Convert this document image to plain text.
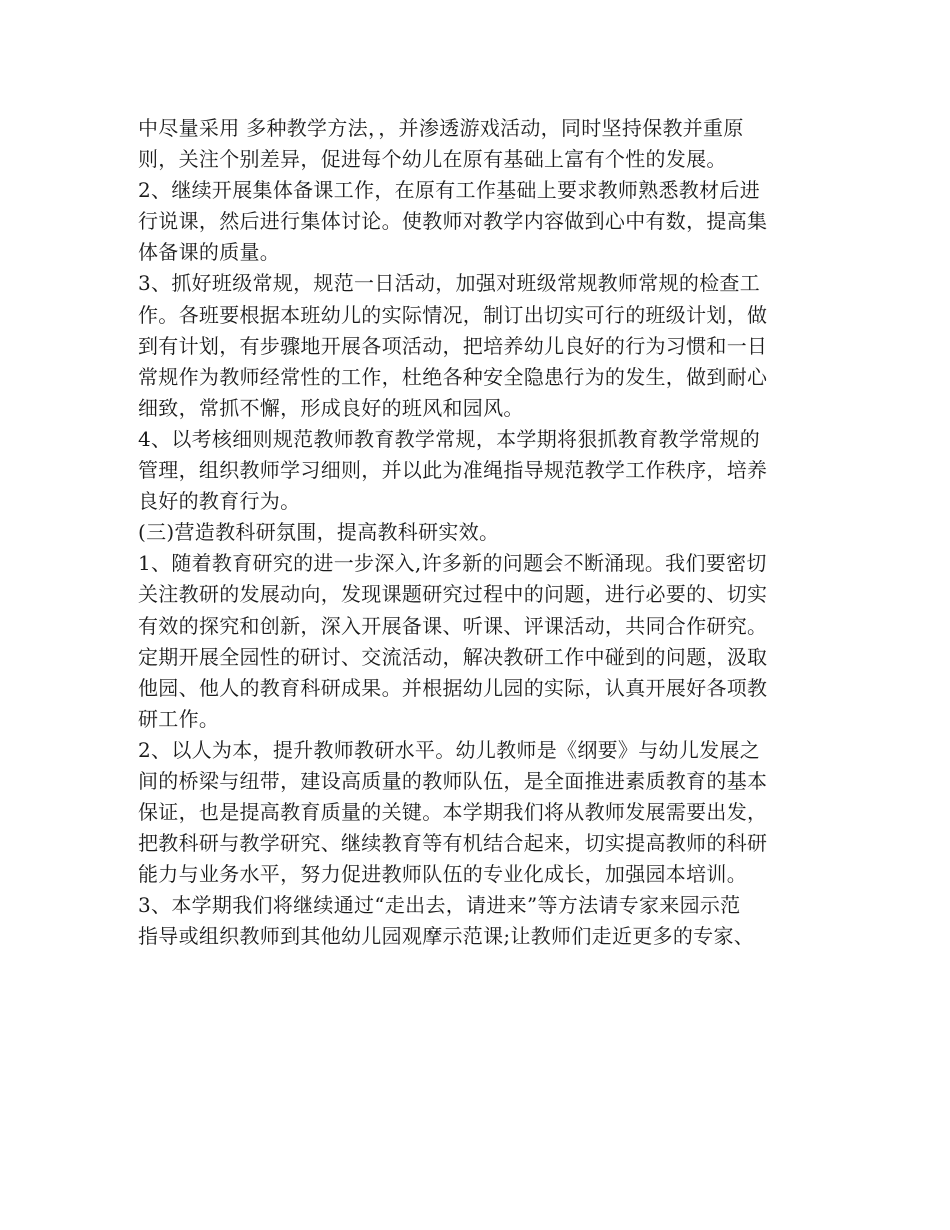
中尽量采用 多种教学方法，，并渗透游戏活动，同时坚持保教并重原
则，关注个别差异，促进每个幼儿在原有基础上富有个性的发展。
2、继续开展集体备课工作，在原有工作基础上要求教师熟悉教材后进
行说课，然后进行集体讨论。使教师对教学内容做到心中有数，提高集
体备课的质量。
3、抓好班级常规，规范一日活动，加强对班级常规教师常规的检查工
作。各班要根据本班幼儿的实际情况，制订出切实可行的班级计划，做
到有计划，有步骤地开展各项活动，把培养幼儿良好的行为习惯和一日
常规作为教师经常性的工作，杜绝各种安全隐患行为的发生，做到耐心
细致，常抓不懈，形成良好的班风和园风。
4、以考核细则规范教师教育教学常规，本学期将狠抓教育教学常规的
管理，组织教师学习细则，并以此为准绳指导规范教学工作秩序，培养
良好的教育行为。
(三)营造教科研氛围，提高教科研实效。
1、随着教育研究的进一步深入,许多新的问题会不断涌现。我们要密切
关注教研的发展动向，发现课题研究过程中的问题，进行必要的、切实
有效的探究和创新，深入开展备课、听课、评课活动，共同合作研究。
定期开展全园性的研讨、交流活动，解决教研工作中碰到的问题，汲取
他园、他人的教育科研成果。并根据幼儿园的实际，认真开展好各项教
研工作。
2、以人为本，提升教师教研水平。幼儿教师是《纲要》与幼儿发展之
间的桥梁与纽带，建设高质量的教师队伍，是全面推进素质教育的基本
保证，也是提高教育质量的关键。本学期我们将从教师发展需要出发，
把教科研与教学研究、继续教育等有机结合起来，切实提高教师的科研
能力与业务水平，努力促进教师队伍的专业化成长，加强园本培训。
3、本学期我们将继续通过“走出去，请进来”等方法请专家来园示范
指导或组织教师到其他幼儿园观摩示范课;让教师们走近更多的专家、
